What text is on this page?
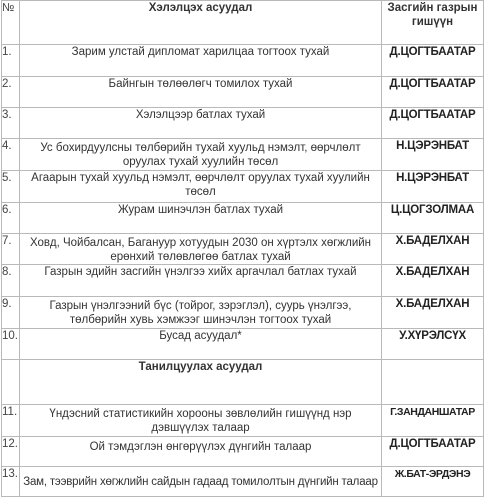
№	Хэлэлцэх асуудал	Засгийн газрын гишүүн
1.	Зарим улстай дипломат харилцаа тогтоох тухай	Д.ЦОГТБААТАР
2.	Байнгын төлөөлөгч томилох тухай	Д.ЦОГТБААТАР
3.	Хэлэлцээр батлах тухай	Д.ЦОГТБААТАР
4.	Ус бохирдуулсны төлбөрийн тухай хуульд нэмэлт, өөрчлөлт оруулах тухай хуулийн төсөл	Н.ЦЭРЭНБАТ
5.	Агаарын тухай хуульд нэмэлт, өөрчлөлт оруулах тухай хуулийн төсөл	Н.ЦЭРЭНБАТ
6.	Журам шинэчлэн батлах тухай	Ц.ЦОГЗОЛМАА
7.	Ховд, Чойбалсан, Багануур хотуудын 2030 он хүртэлх хөгжлийн ерөнхий төлөвлөгөө батлах тухай	Х.БАДЕЛХАН
8.	Газрын эдийн засгийн үнэлгээ хийх аргачлал батлах тухай	Х.БАДЕЛХАН
9.	Газрын үнэлгээний бүс (тойрог, зэрэглэл), суурь үнэлгээ, төлбөрийн хувь хэмжээг шинэчлэн тогтоох тухай	Х.БАДЕЛХАН
10.	Бусад асуудал*	У.ХҮРЭЛСҮХ
	Танилцуулах асуудал	
11.	Үндэсний статистикийн хорооны зөвлөлийн гишүүнд нэр дэвшүүлэх талаар	Г.ЗАНДАНШАТАР
12.	Ой тэмдэглэн өнгөрүүлэх дүнгийн талаар	Д.ЦОГТБААТАР
13.	Зам, тээврийн хөгжлийн сайдын гадаад томилолтын дүнгийн талаар	Ж.БАТ-ЭРДЭНЭ
